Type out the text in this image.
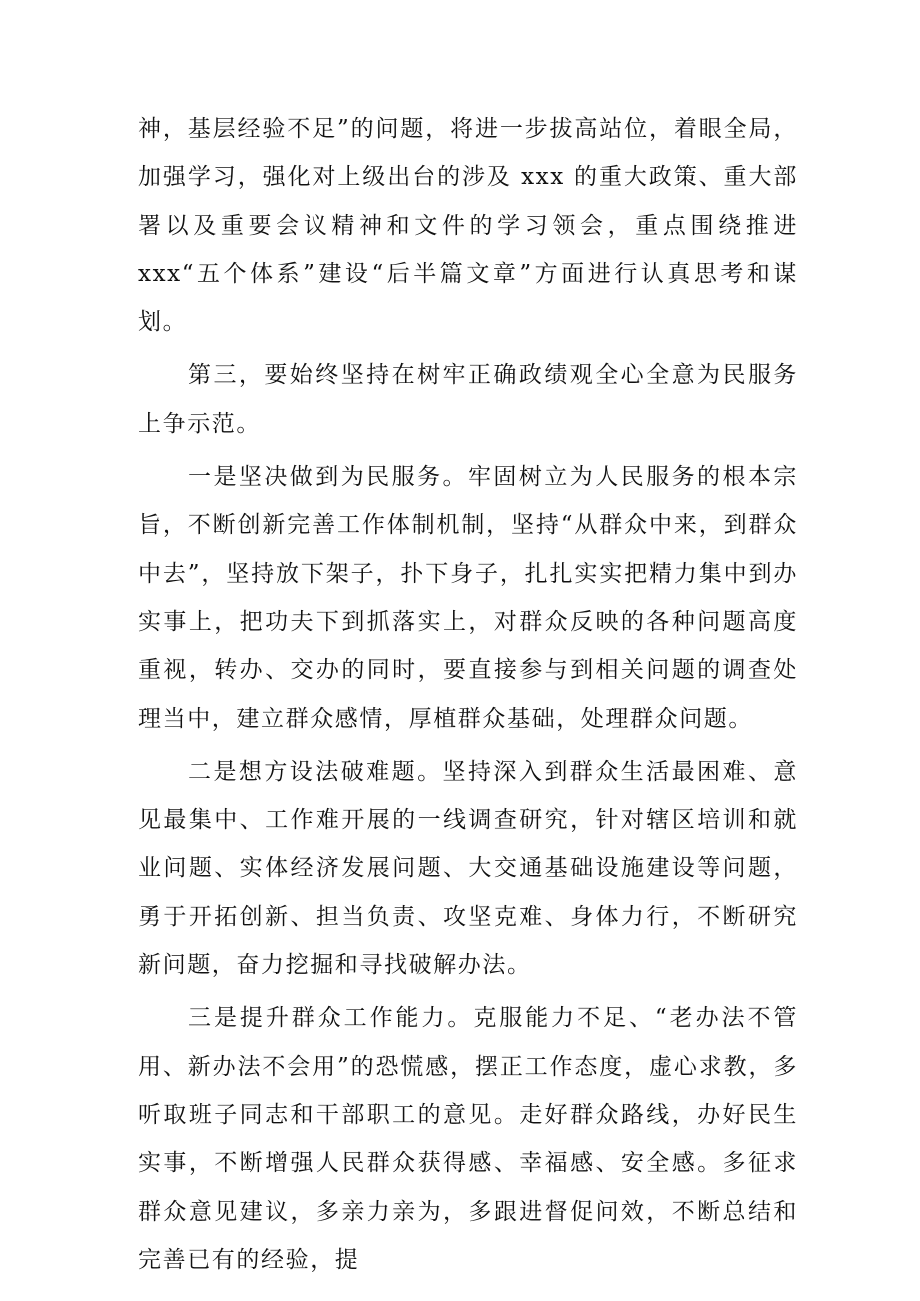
神，基层经验不足”的问题，将进一步拔高站位，着眼全局，加强学习，强化对上级出台的涉及 xxx 的重大政策、重大部署以及重要会议精神和文件的学习领会，重点围绕推进 xxx“五个体系”建设“后半篇文章”方面进行认真思考和谋划。

第三，要始终坚持在树牢正确政绩观全心全意为民服务上争示范。

一是坚决做到为民服务。牢固树立为人民服务的根本宗旨，不断创新完善工作体制机制，坚持“从群众中来，到群众中去”，坚持放下架子，扑下身子，扎扎实实把精力集中到办实事上，把功夫下到抓落实上，对群众反映的各种问题高度重视，转办、交办的同时，要直接参与到相关问题的调查处理当中，建立群众感情，厚植群众基础，处理群众问题。

二是想方设法破难题。坚持深入到群众生活最困难、意见最集中、工作难开展的一线调查研究，针对辖区培训和就业问题、实体经济发展问题、大交通基础设施建设等问题，勇于开拓创新、担当负责、攻坚克难、身体力行，不断研究新问题，奋力挖掘和寻找破解办法。

三是提升群众工作能力。克服能力不足、“老办法不管用、新办法不会用”的恐慌感，摆正工作态度，虚心求教，多听取班子同志和干部职工的意见。走好群众路线，办好民生实事，不断增强人民群众获得感、幸福感、安全感。多征求群众意见建议，多亲力亲为，多跟进督促问效，不断总结和完善已有的经验，提
